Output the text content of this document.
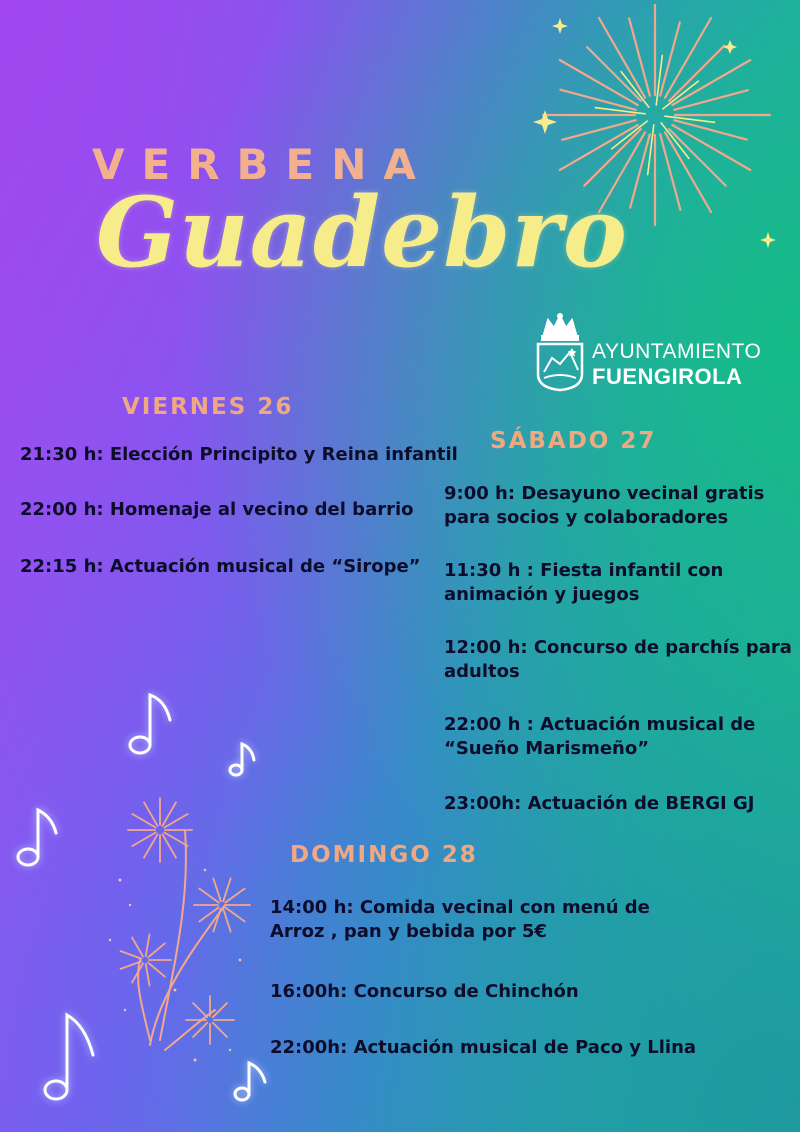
VERBENA
Guadebro
AYUNTAMIENTO
FUENGIROLA
VIERNES 26
21:30 h: Elección Principito y Reina infantil
22:00 h: Homenaje al vecino del barrio
22:15 h: Actuación musical de “Sirope”
SÁBADO 27
9:00 h: Desayuno vecinal gratis
para socios y colaboradores
11:30 h : Fiesta infantil con
animación y juegos
12:00 h: Concurso de parchís para
adultos
22:00 h : Actuación musical de
“Sueño Marismeño”
23:00h: Actuación de BERGI GJ
DOMINGO 28
14:00 h: Comida vecinal con menú de
Arroz , pan y bebida por 5€
16:00h: Concurso de Chinchón
22:00h: Actuación musical de Paco y Llina
